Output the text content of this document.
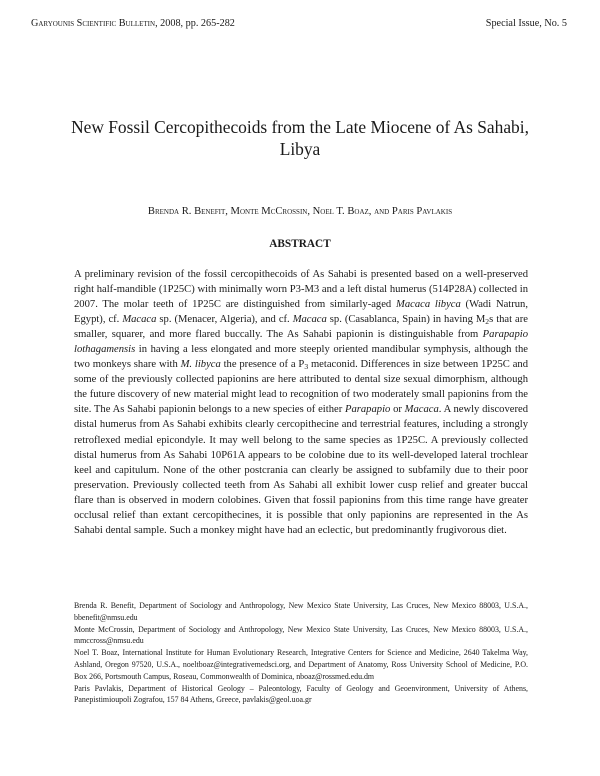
Garyounis Scientific Bulletin, 2008, pp. 265-282	Special Issue, No. 5
New Fossil Cercopithecoids from the Late Miocene of As Sahabi, Libya
Brenda R. Benefit, Monte McCrossin, Noel T. Boaz, and Paris Pavlakis
ABSTRACT

A preliminary revision of the fossil cercopithecoids of As Sahabi is presented based on a well-preserved right half-mandible (1P25C) with minimally worn P3-M3 and a left distal humerus (514P28A) collected in 2007. The molar teeth of 1P25C are distinguished from similarly-aged Macaca libyca (Wadi Natrun, Egypt), cf. Macaca sp. (Menacer, Algeria), and cf. Macaca sp. (Casablanca, Spain) in having $M_2s$ that are smaller, squarer, and more flared buccally. The As Sahabi papionin is distinguishable from Parapapio lothagamensis in having a less elongated and more steeply oriented mandibular symphysis, although the two monkeys share with M. libyca the presence of a $P_3$ metaconid. Differences in size between 1P25C and some of the previously collected papionins are here attributed to dental size sexual dimorphism, although the future discovery of new material might lead to recognition of two moderately small papionins from the site. The As Sahabi papionin belongs to a new species of either Parapapio or Macaca. A newly discovered distal humerus from As Sahabi exhibits clearly cercopithecine and terrestrial features, including a strongly retroflexed medial epicondyle. It may well belong to the same species as 1P25C. A previously collected distal humerus from As Sahabi 10P61A appears to be colobine due to its well-developed lateral trochlear keel and capitulum. None of the other postcrania can clearly be assigned to subfamily due to their poor preservation. Previously collected teeth from As Sahabi all exhibit lower cusp relief and greater buccal flare than is observed in modern colobines. Given that fossil papionins from this time range have greater occlusal relief than extant cercopithecines, it is possible that only papionins are represented in the As Sahabi dental sample. Such a monkey might have had an eclectic, but predominantly frugivorous diet.

Brenda R. Benefit, Department of Sociology and Anthropology, New Mexico State University, Las Cruces, New Mexico 88003, U.S.A., bbenefit@nmsu.edu

Monte McCrossin, Department of Sociology and Anthropology, New Mexico State University, Las Cruces, New Mexico 88003, U.S.A., mmccross@nmsu.edu

Noel T. Boaz, International Institute for Human Evolutionary Research, Integrative Centers for Science and Medicine, 2640 Takelma Way, Ashland, Oregon 97520, U.S.A., noeltboaz@integrativemedsci.org, and Department of Anatomy, Ross University School of Medicine, P.O. Box 266, Portsmouth Campus, Roseau, Commonwealth of Dominica, nboaz@rossmed.edu.dm

Paris Pavlakis, Department of Historical Geology – Paleontology, Faculty of Geology and Geoenvironment, University of Athens, Panepistimioupoli Zografou, 157 84 Athens, Greece, pavlakis@geol.uoa.gr
